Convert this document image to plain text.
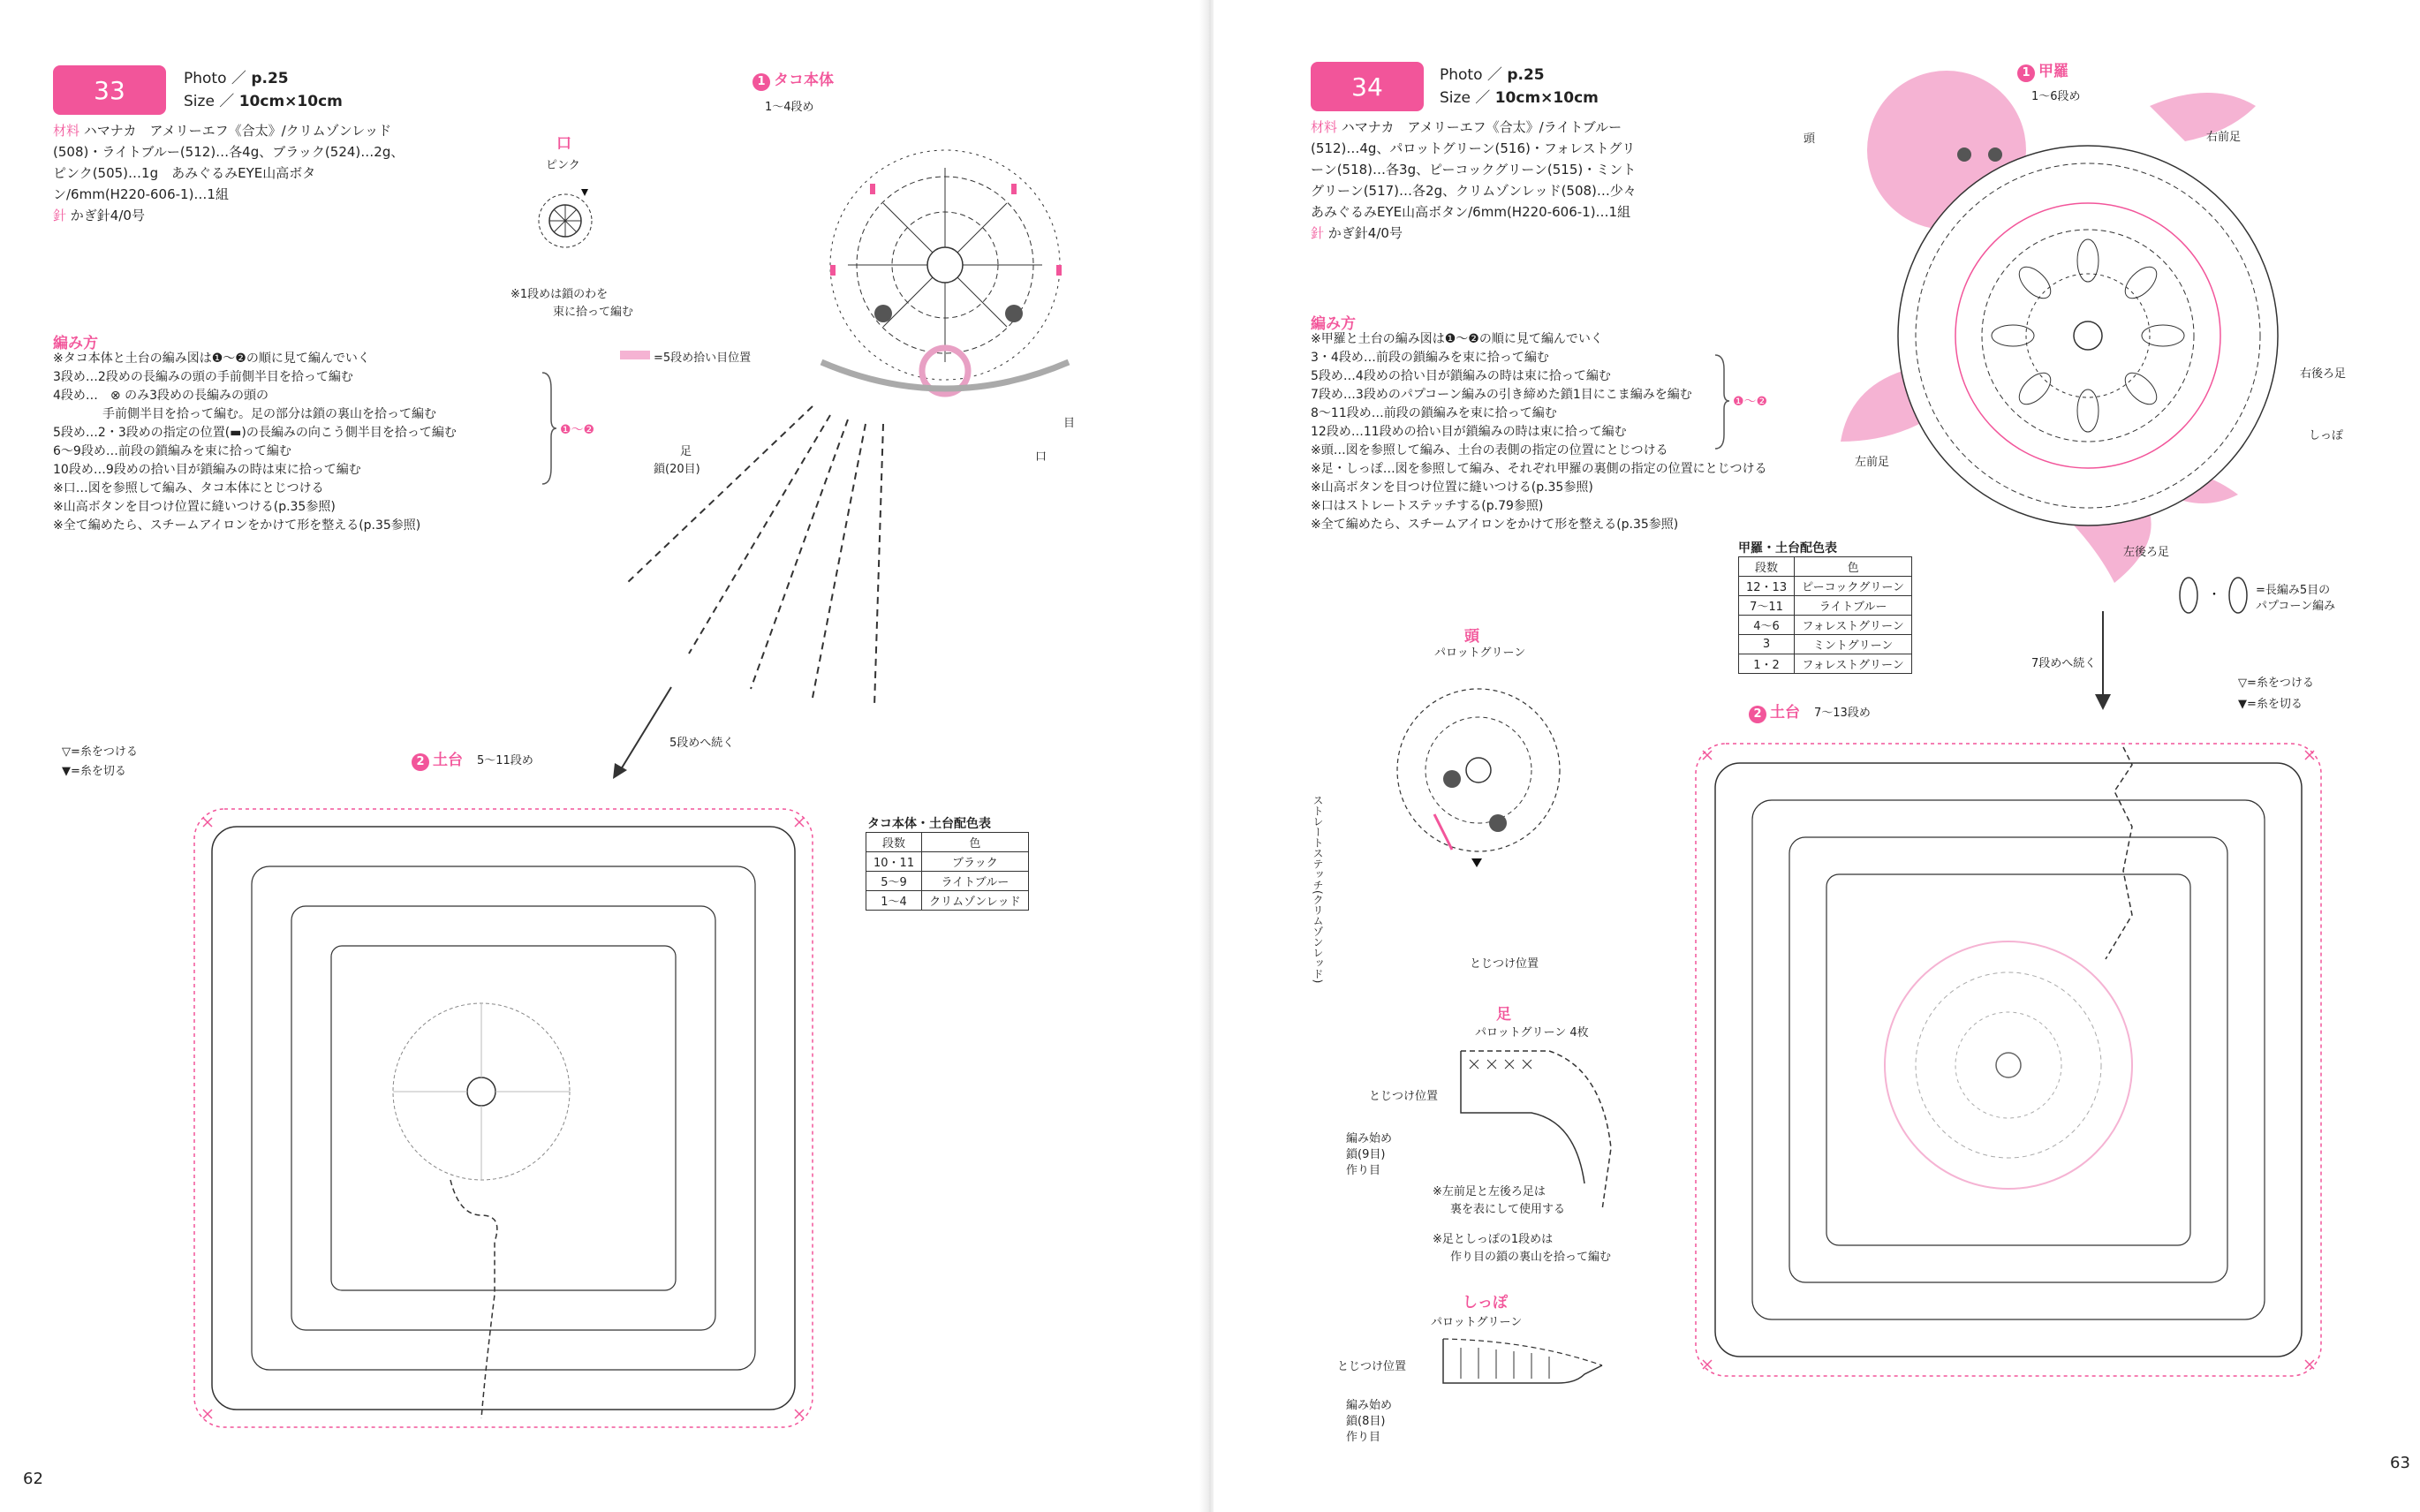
33	Photo ／ p.25
Size ／ 10cm×10cm
材料 ハマナカ　アメリーエフ《合太》/クリムゾンレッド(508)・ライトブルー(512)…各4g、ブラック(524)…2g、ピンク(505)…1g　あみぐるみEYE山高ボタン/6mm(H220-606-1)…1組
針 かぎ針4/0号
編み方
※タコ本体と土台の編み図は❶～❷の順に見て編んでいく
3段め…2段めの長編みの頭の手前側半目を拾って編む
4段め…　⊗ のみ3段めの長編みの頭の
　　　　手前側半目を拾って編む。足の部分は鎖の裏山を拾って編む
5段め…2・3段めの指定の位置(▬)の長編みの向こう側半目を拾って編む
6～9段め…前段の鎖編みを束に拾って編む
10段め…9段めの拾い目が鎖編みの時は束に拾って編む
※口…図を参照して編み、タコ本体にとじつける
※山高ボタンを目つけ位置に縫いつける(p.35参照)
※全て編めたら、スチームアイロンをかけて形を整える(p.35参照)
❶～❷
口
ピンク
※1段めは鎖のわを
束に拾って編む
=5段め拾い目位置
1 タコ本体
1～4段め
足
鎖(20目)
目
口
5段めへ続く
▽=糸をつける
▼=糸を切る
2 土台 5～11段め
タコ本体・土台配色表
段数	色
10・11	ブラック
5～9	ライトブルー
1～4	クリムゾンレッド
62
34	Photo ／ p.25
Size ／ 10cm×10cm
材料 ハマナカ　アメリーエフ《合太》/ライトブルー(512)…4g、パロットグリーン(516)・フォレストグリーン(518)…各3g、ピーコックグリーン(515)・ミントグリーン(517)…各2g、クリムゾンレッド(508)…少々　あみぐるみEYE山高ボタン/6mm(H220-606-1)…1組
針 かぎ針4/0号
編み方
※甲羅と土台の編み図は❶～❷の順に見て編んでいく
3・4段め…前段の鎖編みを束に拾って編む
5段め…4段めの拾い目が鎖編みの時は束に拾って編む
7段め…3段めのパプコーン編みの引き締めた鎖1目にこま編みを編む
8～11段め…前段の鎖編みを束に拾って編む
12段め…11段めの拾い目が鎖編みの時は束に拾って編む
※頭…図を参照して編み、土台の表側の指定の位置にとじつける
※足・しっぽ…図を参照して編み、それぞれ甲羅の裏側の指定の位置にとじつける
※山高ボタンを目つけ位置に縫いつける(p.35参照)
※口はストレートステッチする(p.79参照)
※全て編めたら、スチームアイロンをかけて形を整える(p.35参照)
❶～❷
1 甲羅
1～6段め
頭	右前足
右後ろ足
しっぽ
左前足
左後ろ足
・	=長編み5目の
パプコーン編み
甲羅・土台配色表
段数	色
12・13	ピーコックグリーン
7～11	ライトブルー
4～6	フォレストグリーン
3	ミントグリーン
1・2	フォレストグリーン	7段めへ続く
▽=糸をつける
▼=糸を切る
頭
パロットグリーン
ストレートステッチ(クリムゾンレッド)	とじつけ位置
足
パロットグリーン 4枚
とじつけ位置
編み始め
鎖(9目)
作り目
※左前足と左後ろ足は
裏を表にして使用する
※足としっぽの1段めは
作り目の鎖の裏山を拾って編む
しっぽ
パロットグリーン
とじつけ位置
編み始め
鎖(8目)
作り目
2 土台 7～13段め
63
